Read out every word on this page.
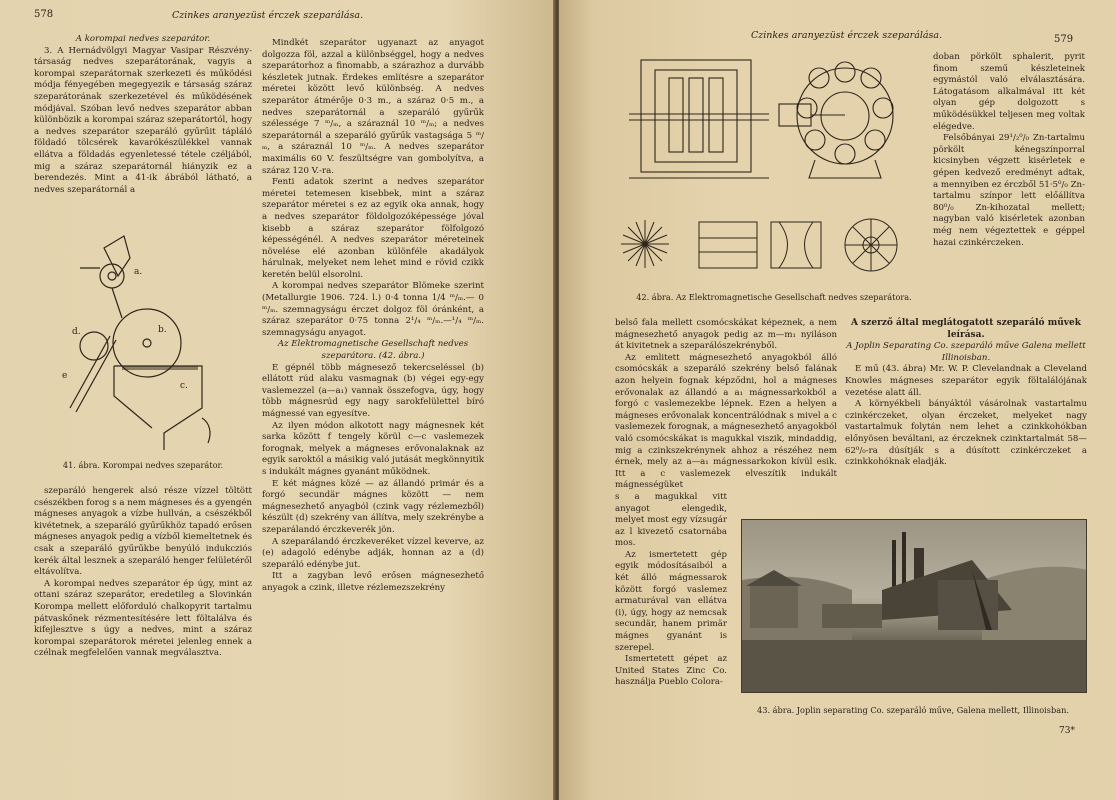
578	Czinkes aranyezüst érczek szeparálása.

A korompai nedves szeparátor.

3. A Hernádvölgyi Magyar Vasipar Részvény-társaság nedves szeparátorának, vagyis a korompai szeparátornak szerkezeti és működési módja fényegében megegyezik e társaság száraz szeparátorának szerkezetével és működésének módjával. Szóban levő nedves szeparátor abban különbözik a korompai száraz szeparátortól, hogy a nedves szeparátor szeparáló gyűrűit tápláló földadó tölcsérek kavarókészülékkel vannak ellátva a földadás egyenletessé tétele czéljából, mig a száraz szeparátornál hiányzik ez a berendezés. Mint a 41-ik ábrából látható, a nedves szeparátornál a

a.
b.
c.
d.
e
41. ábra. Korompai nedves szeparátor.

szeparáló hengerek alsó része vízzel töltött csészékben forog s a nem mágneses és a gyengén mágneses anyagok a vízbe hullván, a csészékből kivétetnek, a szeparáló gyűrűkhöz tapadó erősen mágneses anyagok pedig a vízből kiemeltetnek és csak a szeparáló gyűrűkbe benyúló indukcziós kerék által lesznek a szeparáló henger felületéről eltávolítva.

A korompai nedves szeparátor ép úgy, mint az ottani száraz szeparátor, eredetileg a Slovinkán Korompa mellett előforduló chalkopyrit tartalmu pátvaskőnek rézmentesítésére lett föltalálva és kifejlesztve s úgy a nedves, mint a száraz korompai szeparátorok méretei jelenleg ennek a czélnak megfelelően vannak megválasztva.

Mindkét szeparátor ugyanazt az anyagot dolgozza föl, azzal a különbséggel, hogy a nedves szeparátorhoz a finomabb, a szárazhoz a durvább készletek jutnak. Érdekes említésre a szeparátor méretei között levő különbség. A nedves szeparátor átmérője 0·3 m., a száraz 0·5 m., a nedves szeparátornál a szeparáló gyűrűk szélessége 7 ᵐ/ₘ, a száraznál 10 ᵐ/ₘ; a nedves szeparátornál a szeparáló gyűrűk vastagsága 5 ᵐ/ₘ, a száraznál 10 ᵐ/ₘ. A nedves szeparátor maximális 60 V. feszültségre van gombolyítva, a száraz 120 V.-ra.

Fenti adatok szerint a nedves szeparátor méretei tetemesen kisebbek, mint a száraz szeparátor méretei s ez az egyik oka annak, hogy a nedves szeparátor földolgozóképessége jóval kisebb a száraz szeparátor fölfolgozó képességénél. A nedves szeparátor méreteinek növelése elé azonban különféle akadályok hárulnak, melyeket nem lehet mind e rövid czikk keretén belül elsorolni.

A korompai nedves szeparátor Blömeke szerint (Metallurgie 1906. 724. l.) 0·4 tonna 1/4 ᵐ/ₘ.— 0 ᵐ/ₘ. szemnagyságu érczet dolgoz föl óránként, a száraz szeparátor 0·75 tonna 2¹/₄ ᵐ/ₘ.—¹/₄ ᵐ/ₘ. szemnagyságu anyagot.

Az Elektromagnetische Gesellschaft nedves szeparátora. (42. ábra.)

E gépnél több mágnesező tekercseléssel (b) ellátott rúd alaku vasmagnak (b) végei egy-egy vaslemezzel (a—a₁) vannak összefogva, úgy, hogy több mágnesrúd egy nagy sarokfelülettel bíró mágnessé van egyesítve.

Az ilyen módon alkotott nagy mágnesnek két sarka között f tengely körül c—c vaslemezek forognak, melyek a mágneses erővonalaknak az egyik saroktól a másikig való jutását megkönnyitik s indukált mágnes gyanánt működnek.

E két mágnes közé — az állandó primár és a forgó secundär mágnes között — nem mágnesezhető anyagból (czink vagy rézlemezből) készült (d) szekrény van állítva, mely szekrénybe a szeparálandó érczkeverék jön.

A szeparálandó érczkeveréket vízzel keverve, az (e) adagoló edénybe adják, honnan az a (d) szeparáló edénybe jut.

Itt a zagyban levő erősen mágnesezhető anyagok a czink, illetve rézlemezszekrény

Czinkes aranyezüst érczek szeparálása.	579
42. ábra. Az Elektromagnetische Gesellschaft nedves szeparátora.

doban pörkölt sphalerit, pyrit finom szemű készleteinek egymástól való elválasztására. Látogatásom alkalmával itt két olyan gép dolgozott s működésükkel teljesen meg voltak elégedve.

Felsőbányai 29¹/₂⁰/₀ Zn-tartalmu pörkölt kénegszínporral kicsinyben végzett kisérletek e gépen kedvező eredményt adtak, a mennyiben ez érczből 51·5⁰/₀ Zn-tartalmu színpor lett előállítva 80⁰/₀ Zn-kihozatal mellett; nagyban való kisérletek azonban még nem végeztettek e géppel hazai czinkérczeken.

belső fala mellett csomócskákat képeznek, a nem mágnesezhető anyagok pedig az m—m₁ nyiláson át kivitetnek a szeparálószekrényből.

Az emlitett mágnesezhető anyagokból álló csomócskák a szeparáló szekrény belső falának azon helyein fognak képződni, hol a mágneses erővonalak az állandó a a₁ mágnessarkokból a forgó c vaslemezekbe lépnek. Ezen a helyen a mágneses erővonalak koncentrálódnak s mivel a c vaslemezek forognak, a mágnesezhető anyagokból való csomócskákat is magukkal viszik, mindaddig, mig a czinkszekrénynek ahhoz a részéhez nem érnek, mely az a—a₁ mágnessarkokon kívül esik. Itt a c vaslemezek elveszítik indukált mágnességüket

s a magukkal vitt anyagot elengedik, melyet most egy vízsugár az l kivezető csatornába mos.

Az ismertetett gép egyik módosításaiból a két álló mágnessarok között forgó vaslemez armaturával van ellátva (i), úgy, hogy az nemcsak secundär, hanem primär mágnes gyanánt is szerepel.

Ismertetett gépet az United States Zinc Co. használja Pueblo Colora-

A szerző által meglátogatott szeparáló művek leírása.

A Joplin Separating Co. szeparáló műve Galena mellett Illinoisban.

E mű (43. ábra) Mr. W. P. Clevelandnak a Cleveland Knowles mágneses szeparátor egyik föltalálójának vezetése alatt áll.

A környékbeli bányáktól vásárolnak vastartalmu czinkérczeket, olyan érczeket, melyeket nagy vastartalmuk folytán nem lehet a czinkkohókban előnyösen beváltani, az érczeknek czinktartalmát 58—62⁰/₀-ra dúsítják s a dúsított czinkérczeket a czinkkohóknak eladják.

43. ábra. Joplin separating Co. szeparáló műve, Galena mellett, Illinoisban.
73*
